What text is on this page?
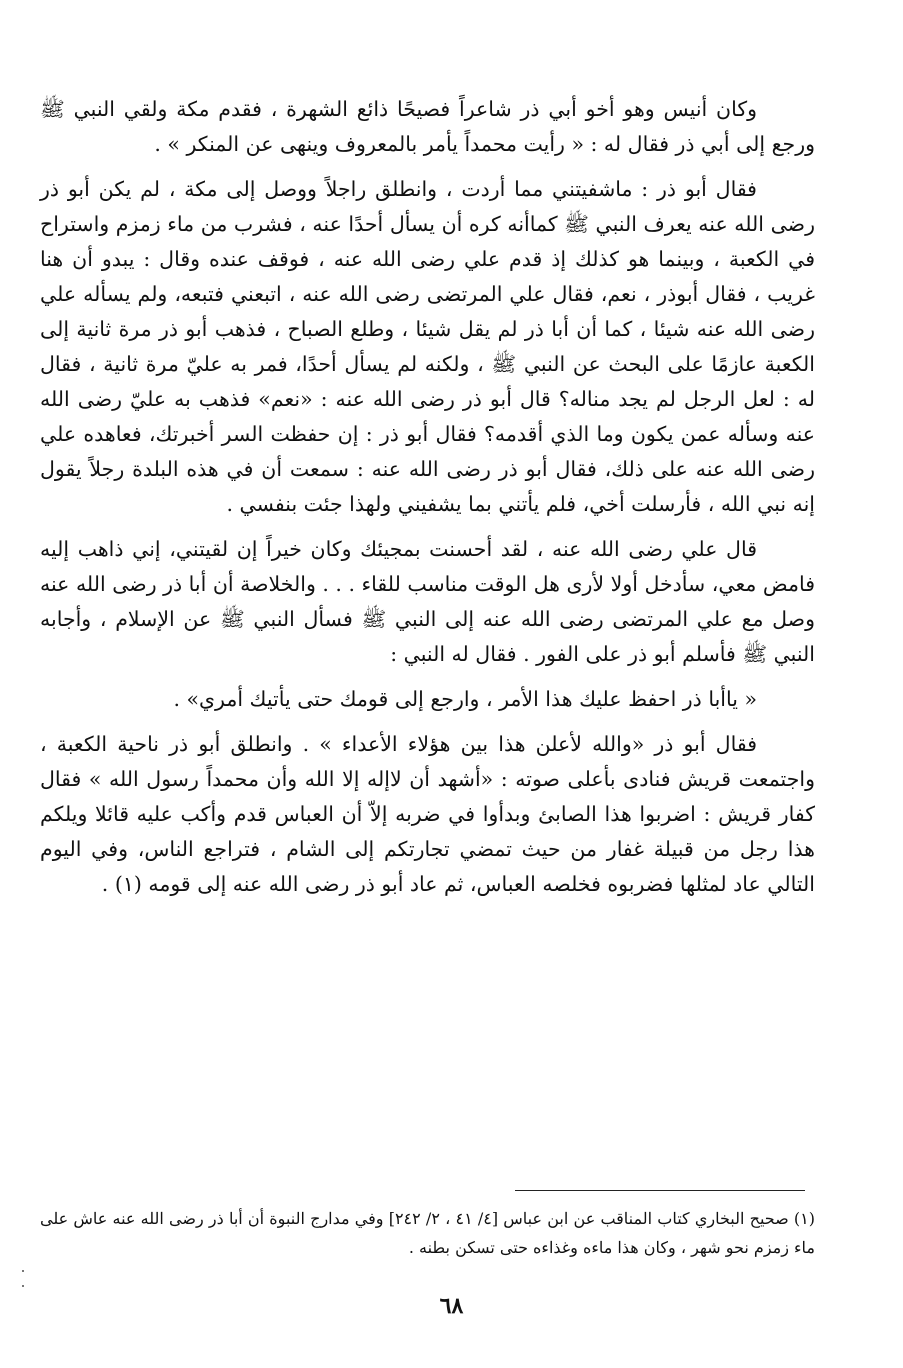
وكان أنيس وهو أخو أبي ذر شاعراً فصيحًا ذائع الشهرة ، فقدم مكة ولقي النبي ﷺ ورجع إلى أبي ذر فقال له : « رأيت محمداً يأمر بالمعروف وينهى عن المنكر » .

فقال أبو ذر : ماشفيتني مما أردت ، وانطلق راجلاً ووصل إلى مكة ، لم يكن أبو ذر رضى الله عنه يعرف النبي ﷺ كماأنه كره أن يسأل أحدًا عنه ، فشرب من ماء زمزم واستراح في الكعبة ، وبينما هو كذلك إذ قدم علي رضى الله عنه ، فوقف عنده وقال : يبدو أن هنا غريب ، فقال أبوذر ، نعم، فقال علي المرتضى رضى الله عنه ، اتبعني فتبعه، ولم يسأله علي رضى الله عنه شيئا ، كما أن أبا ذر لم يقل شيئا ، وطلع الصباح ، فذهب أبو ذر مرة ثانية إلى الكعبة عازمًا على البحث عن النبي ﷺ ، ولكنه لم يسأل أحدًا، فمر به عليّ مرة ثانية ، فقال له : لعل الرجل لم يجد مناله؟ قال أبو ذر رضى الله عنه : «نعم» فذهب به عليّ رضى الله عنه وسأله عمن يكون وما الذي أقدمه؟ فقال أبو ذر : إن حفظت السر أخبرتك، فعاهده علي رضى الله عنه على ذلك، فقال أبو ذر رضى الله عنه : سمعت أن في هذه البلدة رجلاً يقول إنه نبي الله ، فأرسلت أخي، فلم يأتني بما يشفيني ولهذا جئت بنفسي .

قال علي رضى الله عنه ، لقد أحسنت بمجيئك وكان خيراً إن لقيتني، إني ذاهب إليه فامض معي، سأدخل أولا لأرى هل الوقت مناسب للقاء . . . والخلاصة أن أبا ذر رضى الله عنه وصل مع علي المرتضى رضى الله عنه إلى النبي ﷺ فسأل النبي ﷺ عن الإسلام ، وأجابه النبي ﷺ فأسلم أبو ذر على الفور . فقال له النبي :

« ياأبا ذر احفظ عليك هذا الأمر ، وارجع إلى قومك حتى يأتيك أمري» .

فقال أبو ذر «والله لأعلن هذا بين هؤلاء الأعداء » . وانطلق أبو ذر ناحية الكعبة ، واجتمعت قريش فنادى بأعلى صوته : «أشهد أن لاإله إلا الله وأن محمداً رسول الله » فقال كفار قريش : اضربوا هذا الصابئ وبدأوا في ضربه إلاّ أن العباس قدم وأكب عليه قائلا ويلكم هذا رجل من قبيلة غفار من حيث تمضي تجارتكم إلى الشام ، فتراجع الناس، وفي اليوم التالي عاد لمثلها فضربوه فخلصه العباس، ثم عاد أبو ذر رضى الله عنه إلى قومه (١) .

(١) صحيح البخاري كتاب المناقب عن ابن عباس [٤/ ٤١ ، ٢/ ٢٤٢] وفي مدارج النبوة أن أبا ذر رضى الله عنه عاش على ماء زمزم نحو شهر ، وكان هذا ماءه وغذاءه حتى تسكن بطنه .
٦٨
